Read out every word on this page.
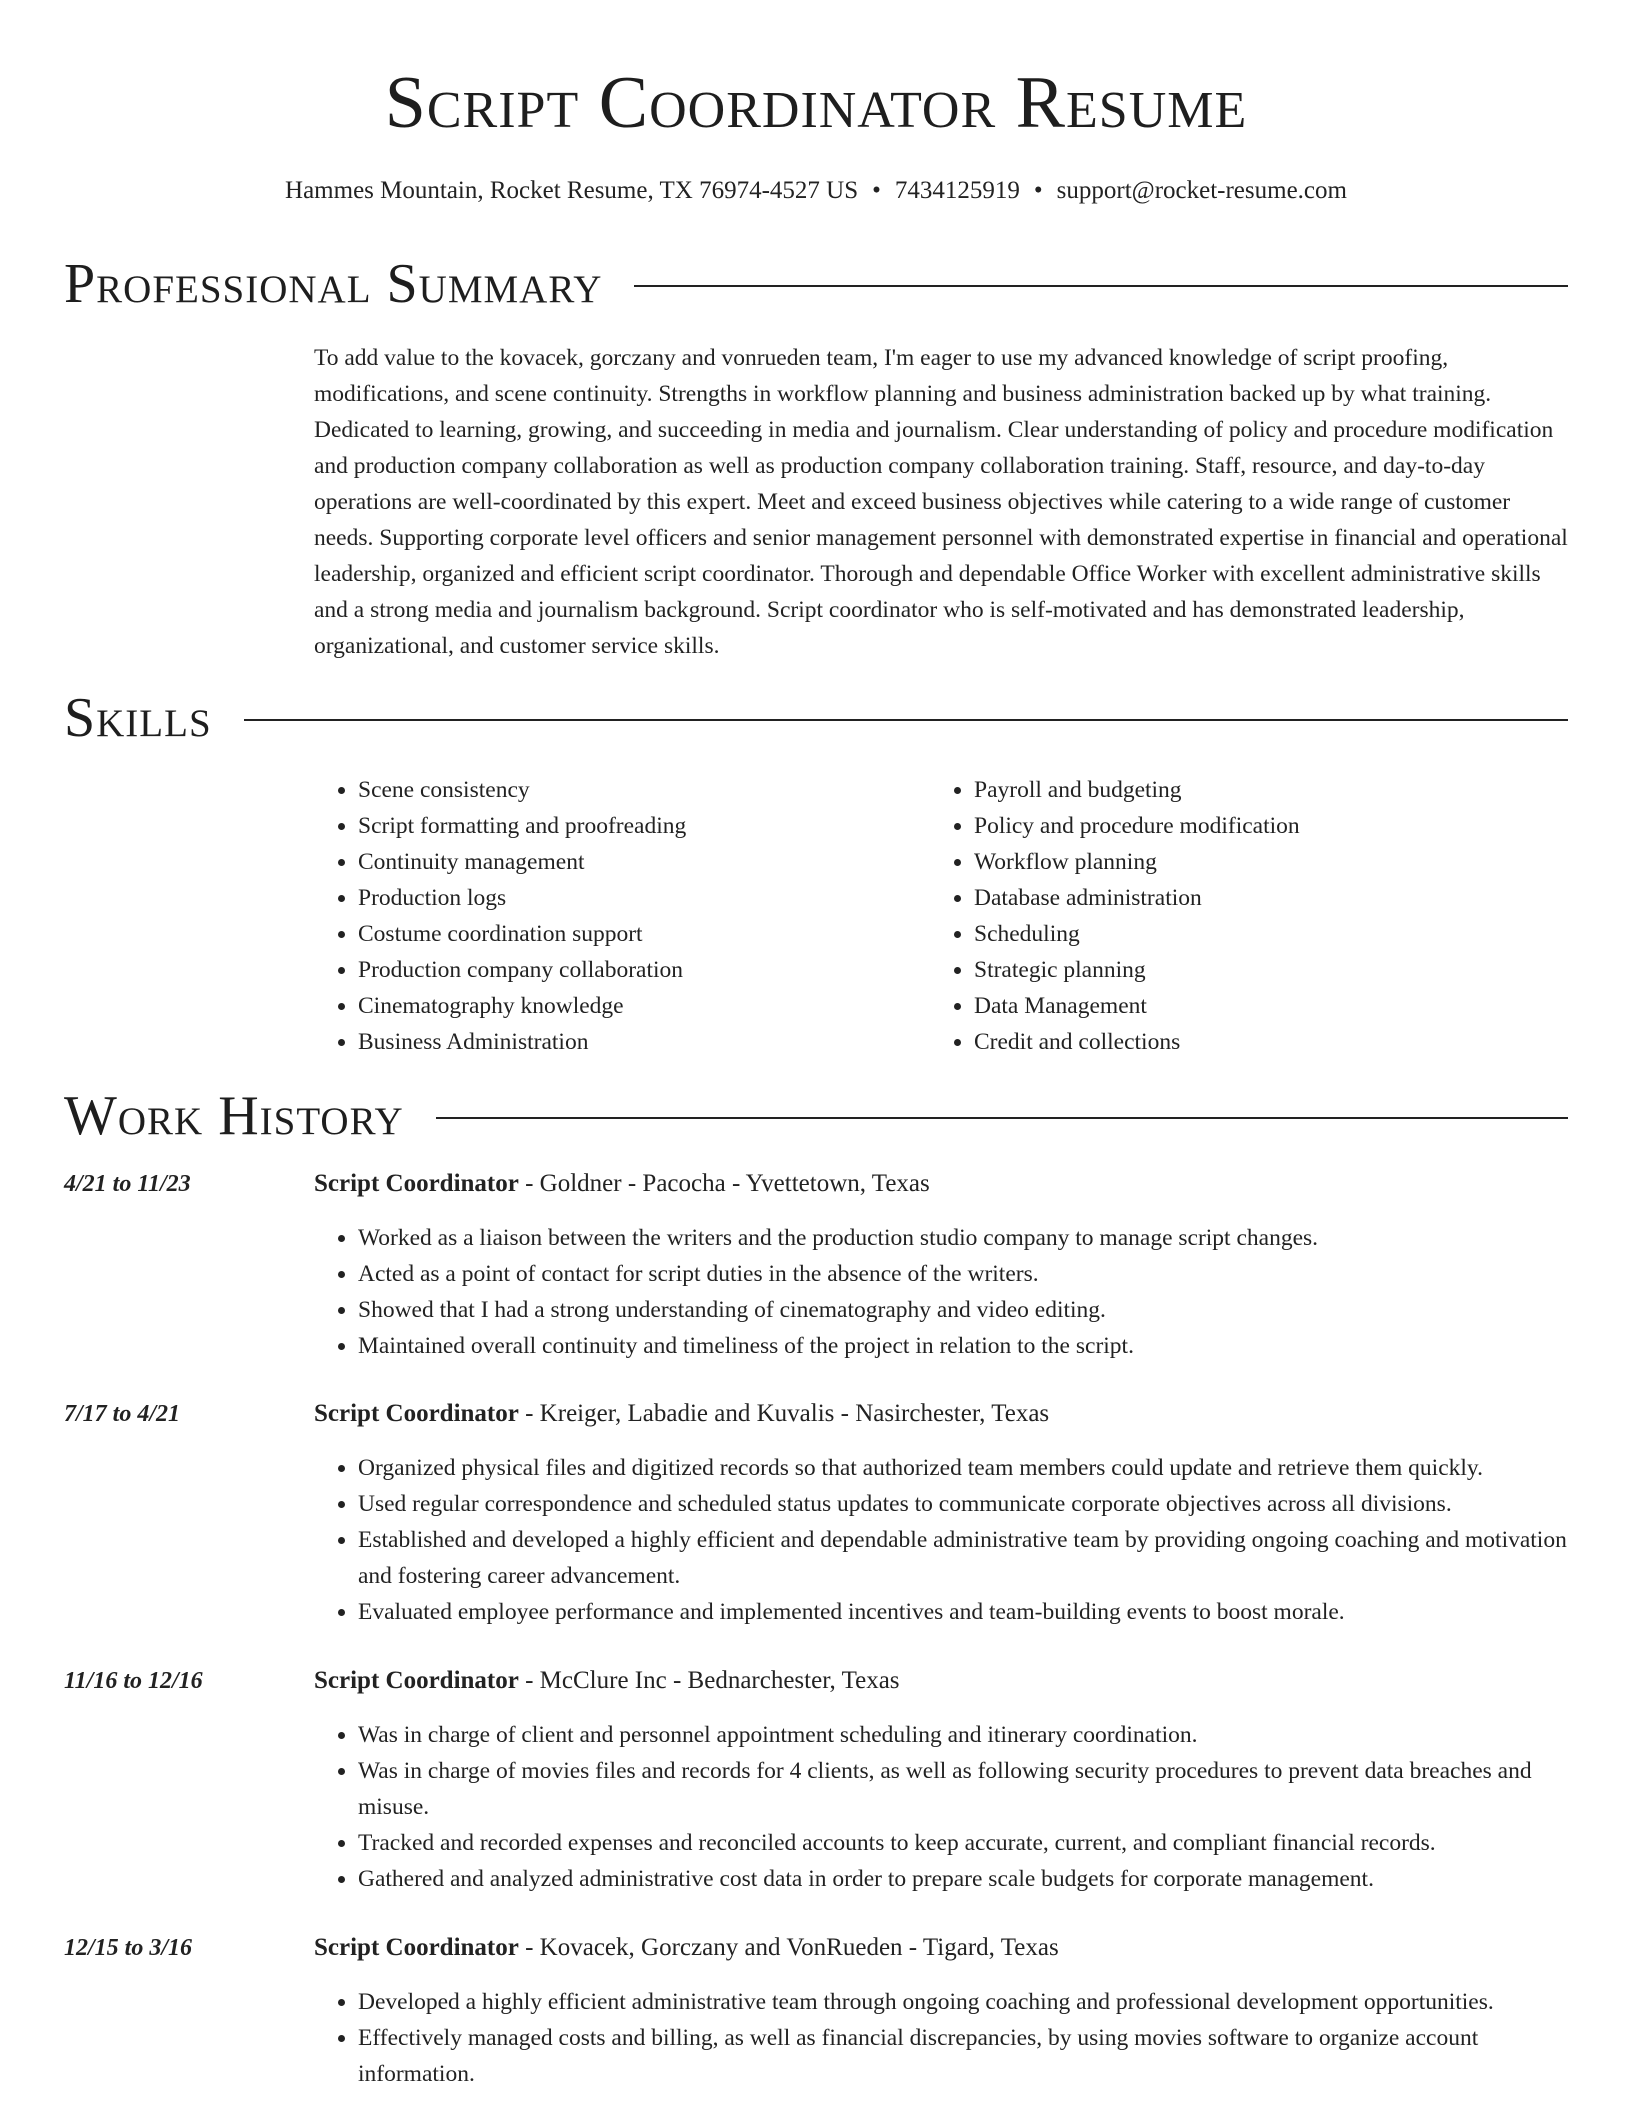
Script Coordinator Resume
Hammes Mountain, Rocket Resume, TX 76974-4527 US • 7434125919 • support@rocket-resume.com
Professional Summary

To add value to the kovacek, gorczany and vonrueden team, I'm eager to use my advanced knowledge of script proofing, modifications, and scene continuity. Strengths in workflow planning and business administration backed up by what training. Dedicated to learning, growing, and succeeding in media and journalism. Clear understanding of policy and procedure modification and production company collaboration as well as production company collaboration training. Staff, resource, and day-to-day operations are well-coordinated by this expert. Meet and exceed business objectives while catering to a wide range of customer needs. Supporting corporate level officers and senior management personnel with demonstrated expertise in financial and operational leadership, organized and efficient script coordinator. Thorough and dependable Office Worker with excellent administrative skills and a strong media and journalism background. Script coordinator who is self-motivated and has demonstrated leadership, organizational, and customer service skills.

Skills
• Scene consistency
• Script formatting and proofreading
• Continuity management
• Production logs
• Costume coordination support
• Production company collaboration
• Cinematography knowledge
• Business Administration
• Payroll and budgeting
• Policy and procedure modification
• Workflow planning
• Database administration
• Scheduling
• Strategic planning
• Data Management
• Credit and collections
Work History
4/21 to 11/23	Script Coordinator - Goldner - Pacocha - Yvettetown, Texas
• Worked as a liaison between the writers and the production studio company to manage script changes.
• Acted as a point of contact for script duties in the absence of the writers.
• Showed that I had a strong understanding of cinematography and video editing.
• Maintained overall continuity and timeliness of the project in relation to the script.
7/17 to 4/21	Script Coordinator - Kreiger, Labadie and Kuvalis - Nasirchester, Texas
• Organized physical files and digitized records so that authorized team members could update and retrieve them quickly.
• Used regular correspondence and scheduled status updates to communicate corporate objectives across all divisions.
• Established and developed a highly efficient and dependable administrative team by providing ongoing coaching and motivation and fostering career advancement.
• Evaluated employee performance and implemented incentives and team-building events to boost morale.
11/16 to 12/16	Script Coordinator - McClure Inc - Bednarchester, Texas
• Was in charge of client and personnel appointment scheduling and itinerary coordination.
• Was in charge of movies files and records for 4 clients, as well as following security procedures to prevent data breaches and misuse.
• Tracked and recorded expenses and reconciled accounts to keep accurate, current, and compliant financial records.
• Gathered and analyzed administrative cost data in order to prepare scale budgets for corporate management.
12/15 to 3/16	Script Coordinator - Kovacek, Gorczany and VonRueden - Tigard, Texas
• Developed a highly efficient administrative team through ongoing coaching and professional development opportunities.
• Effectively managed costs and billing, as well as financial discrepancies, by using movies software to organize account information.
